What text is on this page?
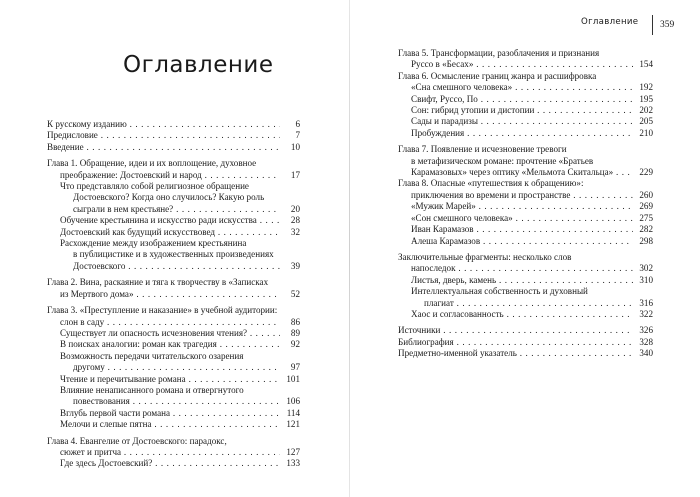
Оглавление
Оглавление	359
К русскому изданию . . .	6
Предисловие . . .	7
Введение . . .	10
Глава 1. Обращение, идеи и их воплощение, духовное
преображение: Достоевский и народ . . .	17
Что представляло собой религиозное обращение
Достоевского? Когда оно случилось? Какую роль
сыграли в нем крестьяне? . . .	20
Обучение крестьянина и искусство ради искусства . . .	28
Достоевский как будущий искусствовед . . .	32
Расхождение между изображением крестьянина
в публицистике и в художественных произведениях
Достоевского . . .	39
Глава 2. Вина, раскаяние и тяга к творчеству в «Записках
из Мертвого дома» . . .	52
Глава 3. «Преступление и наказание» в учебной аудитории:
слон в саду . . .	86
Существует ли опасность исчезновения чтения? . . .	89
В поисках аналогии: роман как трагедия . . .	92
Возможность передачи читательского озарения
другому . . .	97
Чтение и перечитывание романа . . .	101
Влияние ненаписанного романа и отвергнутого
повествования . . .	106
Вглубь первой части романа . . .	114
Мелочи и слепые пятна . . .	121
Глава 4. Евангелие от Достоевского: парадокс,
сюжет и притча . . .	127
Где здесь Достоевский? . . .	133
Глава 5. Трансформации, разоблачения и признания
Руссо в «Бесах» . . .	154
Глава 6. Осмысление границ жанра и расшифровка
«Сна смешного человека» . . .	192
Свифт, Руссо, По . . .	195
Сон: гибрид утопии и дистопии . . .	202
Сады и парадизы . . .	205
Пробуждения . . .	210
Глава 7. Появление и исчезновение тревоги
в метафизическом романе: прочтение «Братьев
Карамазовых» через оптику «Мельмота Скитальца» . . .	229
Глава 8. Опасные «путешествия к обращению»:
приключения во времени и пространстве . . .	260
«Мужик Марей» . . .	269
«Сон смешного человека» . . .	275
Иван Карамазов . . .	282
Алеша Карамазов . . .	298
Заключительные фрагменты: несколько слов
напоследок . . .	302
Листья, дверь, камень . . .	310
Интеллектуальная собственность и духовный
плагиат . . .	316
Хаос и согласованность . . .	322
Источники . . .	326
Библиография . . .	328
Предметно-именной указатель . . .	340
